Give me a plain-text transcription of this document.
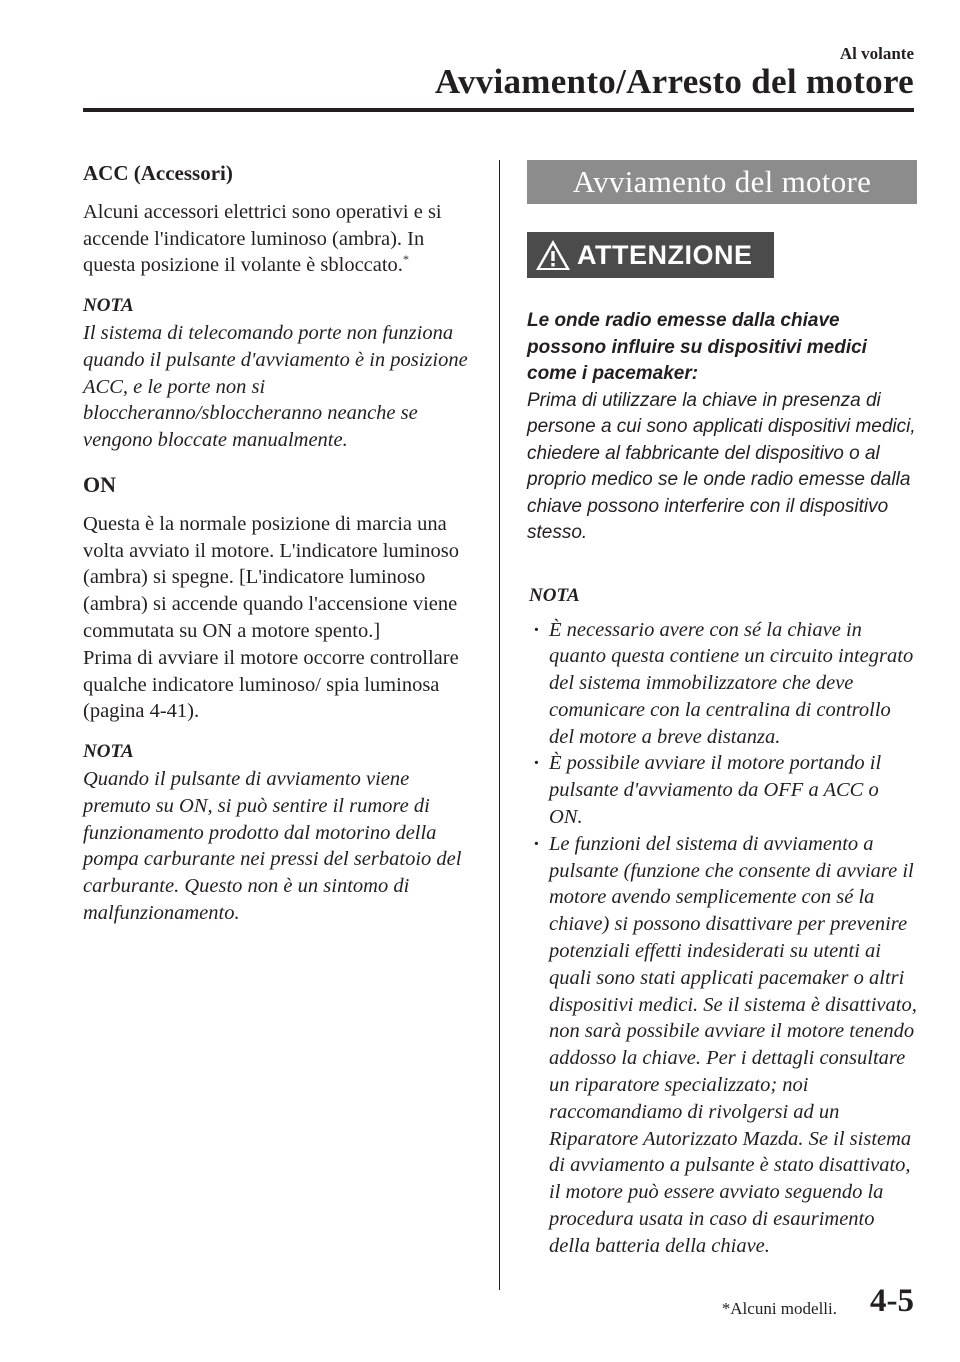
Al volante
Avviamento/Arresto del motore

ACC (Accessori)

Alcuni accessori elettrici sono operativi e si accende l'indicatore luminoso (ambra). In questa posizione il volante è sbloccato.*

NOTA

Il sistema di telecomando porte non funziona quando il pulsante d'avviamento è in posizione ACC, e le porte non si bloccheranno/sbloccheranno neanche se vengono bloccate manualmente.

ON

Questa è la normale posizione di marcia una volta avviato il motore. L'indicatore luminoso (ambra) si spegne. [L'indicatore luminoso (ambra) si accende quando l'accensione viene commutata su ON a motore spento.]

Prima di avviare il motore occorre controllare qualche indicatore luminoso/ spia luminosa (pagina 4-41).

NOTA

Quando il pulsante di avviamento viene premuto su ON, si può sentire il rumore di funzionamento prodotto dal motorino della pompa carburante nei pressi del serbatoio del carburante. Questo non è un sintomo di malfunzionamento.

Avviamento del motore
ATTENZIONE

Le onde radio emesse dalla chiave possono influire su dispositivi medici come i pacemaker:

Prima di utilizzare la chiave in presenza di persone a cui sono applicati dispositivi medici, chiedere al fabbricante del dispositivo o al proprio medico se le onde radio emesse dalla chiave possono interferire con il dispositivo stesso.

NOTA
· È necessario avere con sé la chiave in quanto questa contiene un circuito integrato del sistema immobilizzatore che deve comunicare con la centralina di controllo del motore a breve distanza.
· È possibile avviare il motore portando il pulsante d'avviamento da OFF a ACC o ON.
· Le funzioni del sistema di avviamento a pulsante (funzione che consente di avviare il motore avendo semplicemente con sé la chiave) si possono disattivare per prevenire potenziali effetti indesiderati su utenti ai quali sono stati applicati pacemaker o altri dispositivi medici. Se il sistema è disattivato, non sarà possibile avviare il motore tenendo addosso la chiave. Per i dettagli consultare un riparatore specializzato; noi raccomandiamo di rivolgersi ad un Riparatore Autorizzato Mazda. Se il sistema di avviamento a pulsante è stato disattivato, il motore può essere avviato seguendo la procedura usata in caso di esaurimento della batteria della chiave.
*Alcuni modelli. 4-5
